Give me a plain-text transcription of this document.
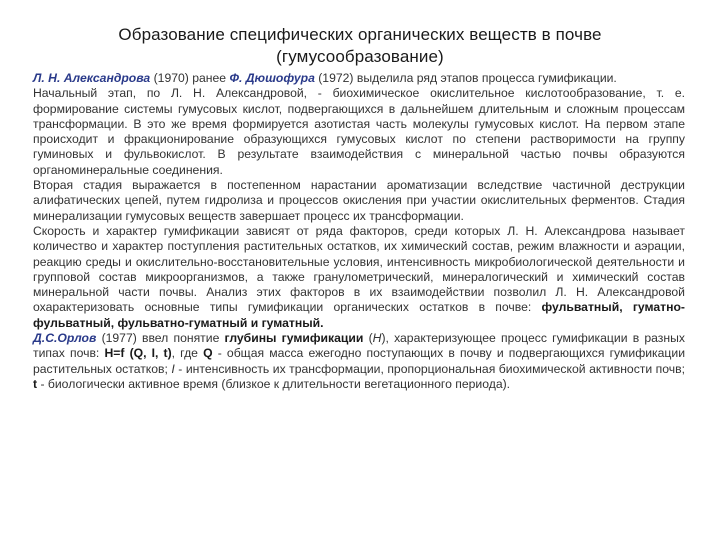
Образование специфических органических веществ в почве
(гумусообразование)

Л. Н. Александрова (1970) ранее Ф. Дюшофура (1972) выделила ряд этапов процесса гумификации.

Начальный этап, по Л. Н. Александровой, - биохимическое окислительное кислотообразование, т. е. формирование системы гумусовых кислот, подвергающихся в дальнейшем длительным и сложным процессам трансформации. В это же время формируется азотистая часть молекулы гумусовых кислот. На первом этапе происходит и фракционирование образующихся гумусовых кислот по степени растворимости на группу гуминовых и фульвокислот. В результате взаимодействия с минеральной частью почвы образуются органоминеральные соединения.

Вторая стадия выражается в постепенном нарастании ароматизации вследствие частичной деструкции алифатических цепей, путем гидролиза и процессов окисления при участии окислительных ферментов. Стадия минерализации гумусовых веществ завершает процесс их трансформации.

Скорость и характер гумификации зависят от ряда факторов, среди которых Л. Н. Александрова называет количество и характер поступления растительных остатков, их химический состав, режим влажности и аэрации, реакцию среды и окислительно-восстановительные условия, интенсивность микробиологической деятельности и групповой состав микроорганизмов, а также гранулометрический, минералогический и химический состав минеральной части почвы. Анализ этих факторов в их взаимодействии позволил Л. Н. Александровой охарактеризовать основные типы гумификации органических остатков в почве: фульватный, гуматно-фульватный, фульватно-гуматный и гуматный.

Д.С.Орлов (1977) ввел понятие глубины гумификации (Н), характеризующее процесс гумификации в разных типах почв: Н=f (Q, I, t), где Q - общая масса ежегодно поступающих в почву и подвергающихся гумификации растительных остатков; I - интенсивность их трансформации, пропорциональная биохимической активности почв; t - биологически активное время (близкое к длительности вегетационного периода).
